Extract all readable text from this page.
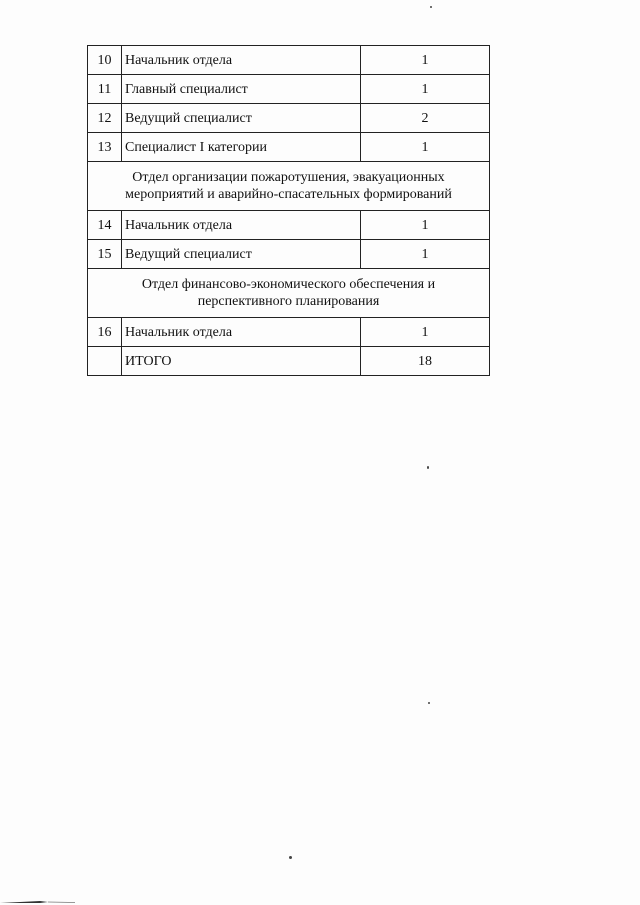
10	Начальник отдела	1
11	Главный специалист	1
12	Ведущий специалист	2
13	Специалист I категории	1
Отдел организации пожаротушения, эвакуационных мероприятий и аварийно-спасательных формирований		
14	Начальник отдела	1
15	Ведущий специалист	1
Отдел финансово-экономического обеспечения и перспективного планирования		
16	Начальник отдела	1
	ИТОГО	18
